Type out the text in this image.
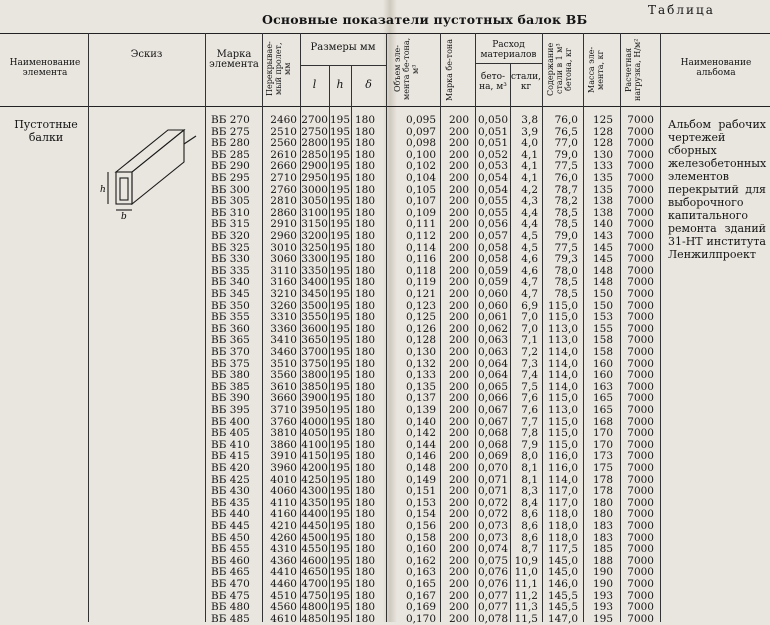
Основные показатели пустотных балок ВБ
Таблица
Наименование элемента
Эскиз	Марка элемента Перекрывае-мый пролет, мм
Размеры мм
l	h	δ	Объем эле-мента бе-тона, м³	Марка бе-тона	Расход материалов
бето-на, м³
стали, кг	Содержание стали в 1 м³ бетона, кг	Масса эле-мента, кг	Расчетная нагрузка, Н/м²	Наименование альбома
Пустотные балки
Альбом рабочих чертежей сборных железобетонных элементов перекрытий для выборочного капитального ремонта зданий 31-НТ института Ленжилпроект
h
b
ВБ 270	2460 2700 195 180	0,095	200 0,050	3,8	76,0	125	7000
ВБ 275	2510 2750 195 180	0,097	200 0,051	3,9	76,5	128	7000
ВБ 280	2560 2800 195 180	0,098	200 0,051	4,0	77,0	128	7000
ВБ 285	2610 2850 195 180	0,100	200 0,052	4,1	79,0	130	7000
ВБ 290	2660 2900 195 180	0,102	200 0,053	4,1	77,5	133	7000
ВБ 295	2710 2950 195 180	0,104	200 0,054	4,1	76,0	135	7000
ВБ 300	2760 3000 195 180	0,105	200 0,054	4,2	78,7	135	7000
ВБ 305	2810 3050 195 180	0,107	200 0,055	4,3	78,2	138	7000
ВБ 310	2860 3100 195 180	0,109	200 0,055	4,4	78,5	138	7000
ВБ 315	2910 3150 195 180	0,111	200 0,056	4,4	78,5	140	7000
ВБ 320	2960 3200 195 180	0,112	200 0,057	4,5	79,0	143	7000
ВБ 325	3010 3250 195 180	0,114	200 0,058	4,5	77,5	145	7000
ВБ 330	3060 3300 195 180	0,116	200 0,058	4,6	79,3	145	7000
ВБ 335	3110 3350 195 180	0,118	200 0,059	4,6	78,0	148	7000
ВБ 340	3160 3400 195 180	0,119	200 0,059	4,7	78,5	148	7000
ВБ 345	3210 3450 195 180	0,121	200 0,060	4,7	78,5	150	7000
ВБ 350	3260 3500 195 180	0,123	200 0,060	6,9 115,0	150	7000
ВБ 355	3310 3550 195 180	0,125	200 0,061	7,0 115,0	153	7000
ВБ 360	3360 3600 195 180	0,126	200 0,062	7,0 113,0	155	7000
ВБ 365	3410 3650 195 180	0,128	200 0,063	7,1 113,0	158	7000
ВБ 370	3460 3700 195 180	0,130	200 0,063	7,2 114,0	158	7000
ВБ 375	3510 3750 195 180	0,132	200 0,064	7,3 114,0	160	7000
ВБ 380	3560 3800 195 180	0,133	200 0,064	7,4 114,0	160	7000
ВБ 385	3610 3850 195 180	0,135	200 0,065	7,5 114,0	163	7000
ВБ 390	3660 3900 195 180	0,137	200 0,066	7,6 115,0	165	7000
ВБ 395	3710 3950 195 180	0,139	200 0,067	7,6 113,0	165	7000
ВБ 400	3760 4000 195 180	0,140	200 0,067	7,7 115,0	168	7000
ВБ 405	3810 4050 195 180	0,142	200 0,068	7,8 115,0	170	7000
ВБ 410	3860 4100 195 180	0,144	200 0,068	7,9 115,0	170	7000
ВБ 415	3910 4150 195 180	0,146	200 0,069	8,0 116,0	173	7000
ВБ 420	3960 4200 195 180	0,148	200 0,070	8,1 116,0	175	7000
ВБ 425	4010 4250 195 180	0,149	200 0,071	8,1 114,0	178	7000
ВБ 430	4060 4300 195 180	0,151	200 0,071	8,3 117,0	178	7000
ВБ 435	4110 4350 195 180	0,153	200 0,072	8,4 117,0	180	7000
ВБ 440	4160 4400 195 180	0,154	200 0,072	8,6 118,0	180	7000
ВБ 445	4210 4450 195 180	0,156	200 0,073	8,6 118,0	183	7000
ВБ 450	4260 4500 195 180	0,158	200 0,073	8,6 118,0	183	7000
ВБ 455	4310 4550 195 180	0,160	200 0,074	8,7 117,5	185	7000
ВБ 460	4360 4600 195 180	0,162	200 0,075 10,9 145,0	188	7000
ВБ 465	4410 4650 195 180	0,163	200 0,076 11,0 145,0	190	7000
ВБ 470	4460 4700 195 180	0,165	200 0,076 11,1 146,0	190	7000
ВБ 475	4510 4750 195 180	0,167	200 0,077 11,2 145,5	193	7000
ВБ 480	4560 4800 195 180	0,169	200 0,077 11,3 145,5	193	7000
ВБ 485	4610 4850 195 180	0,170	200 0,078 11,5 147,0	195	7000
